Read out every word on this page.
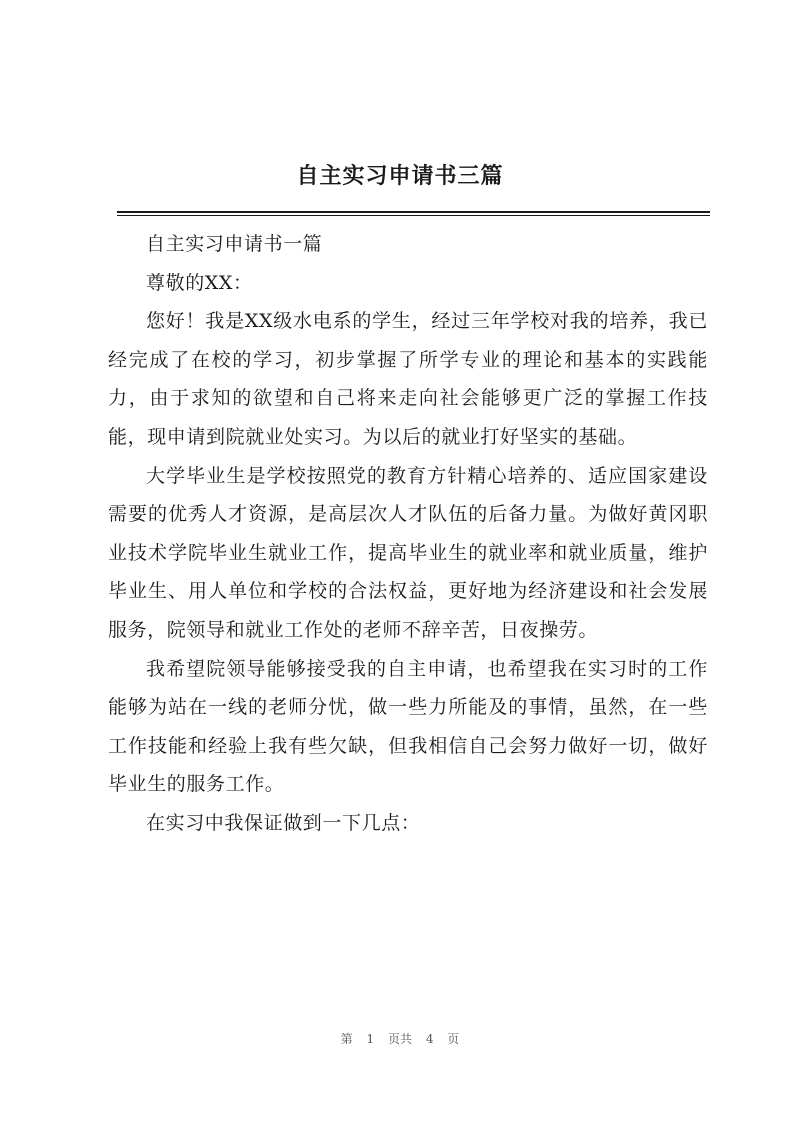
自主实习申请书三篇

自主实习申请书一篇

尊敬的XX：

您好！我是XX级水电系的学生，经过三年学校对我的培养，我已经完成了在校的学习，初步掌握了所学专业的理论和基本的实践能力，由于求知的欲望和自己将来走向社会能够更广泛的掌握工作技能，现申请到院就业处实习。为以后的就业打好坚实的基础。

大学毕业生是学校按照党的教育方针精心培养的、适应国家建设需要的优秀人才资源，是高层次人才队伍的后备力量。为做好黄冈职业技术学院毕业生就业工作，提高毕业生的就业率和就业质量，维护毕业生、用人单位和学校的合法权益，更好地为经济建设和社会发展服务，院领导和就业工作处的老师不辞辛苦，日夜操劳。

我希望院领导能够接受我的自主申请，也希望我在实习时的工作能够为站在一线的老师分忧，做一些力所能及的事情，虽然，在一些工作技能和经验上我有些欠缺，但我相信自己会努力做好一切，做好毕业生的服务工作。

在实习中我保证做到一下几点：

第 1 页共 4 页
